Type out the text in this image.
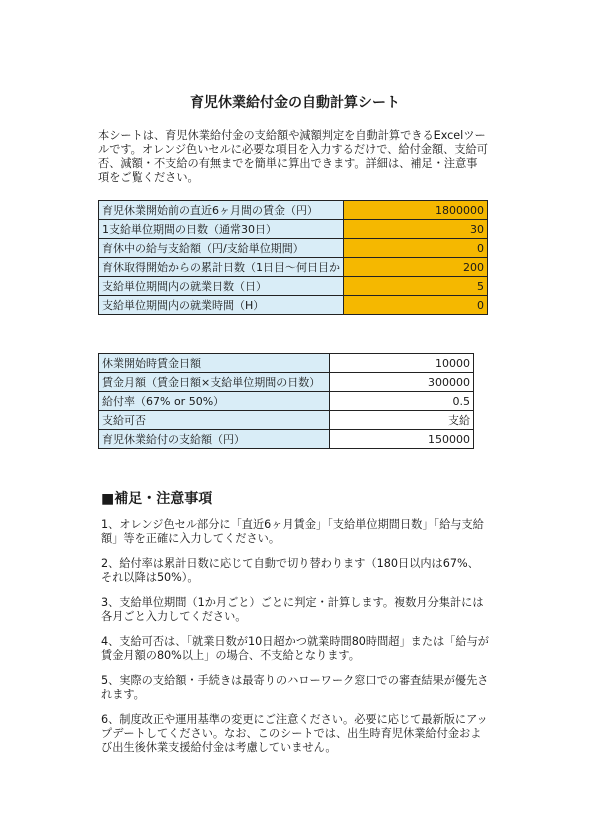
育児休業給付金の自動計算シート
本シートは、育児休業給付金の支給額や減額判定を自動計算できるExcelツールです。オレンジ色いセルに必要な項目を入力するだけで、給付金額、支給可否、減額・不支給の有無までを簡単に算出できます。詳細は、補足・注意事項をご覧ください。
育児休業開始前の直近6ヶ月間の賃金（円）	1800000
1支給単位期間の日数（通常30日）	30
育休中の給与支給額（円/支給単位期間）	0
育休取得開始からの累計日数（1日目〜何日目か	200
支給単位期間内の就業日数（日）	5
支給単位期間内の就業時間（H）	0
休業開始時賃金日額	10000
賃金月額（賃金日額×支給単位期間の日数）	300000
給付率（67% or 50%）	0.5
支給可否	支給
育児休業給付の支給額（円）	150000
■補足・注意事項

1、オレンジ色セル部分に「直近6ヶ月賃金」「支給単位期間日数」「給与支給額」等を正確に入力してください。

2、給付率は累計日数に応じて自動で切り替わります（180日以内は67%、それ以降は50%）。

3、支給単位期間（1か月ごと）ごとに判定・計算します。複数月分集計には各月ごと入力してください。

4、支給可否は、「就業日数が10日超かつ就業時間80時間超」または「給与が賃金月額の80%以上」の場合、不支給となります。

5、実際の支給額・手続きは最寄りのハローワーク窓口での審査結果が優先されます。

6、制度改正や運用基準の変更にご注意ください。必要に応じて最新版にアップデートしてください。なお、このシートでは、出生時育児休業給付金および出生後休業支援給付金は考慮していません。
